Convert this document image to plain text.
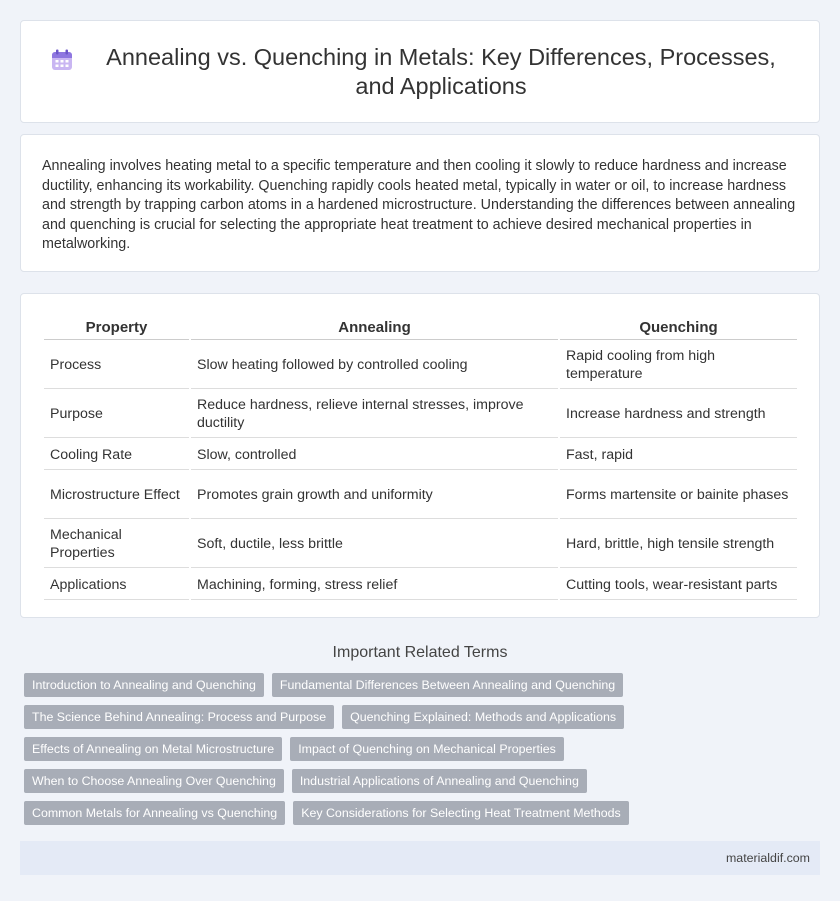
Annealing vs. Quenching in Metals: Key Differences, Processes, and Applications

Annealing involves heating metal to a specific temperature and then cooling it slowly to reduce hardness and increase ductility, enhancing its workability. Quenching rapidly cools heated metal, typically in water or oil, to increase hardness and strength by trapping carbon atoms in a hardened microstructure. Understanding the differences between annealing and quenching is crucial for selecting the appropriate heat treatment to achieve desired mechanical properties in metalworking.

Property	Annealing	Quenching
Process	Slow heating followed by controlled cooling	Rapid cooling from high temperature
Purpose	Reduce hardness, relieve internal stresses, improve ductility	Increase hardness and strength
Cooling Rate	Slow, controlled	Fast, rapid
Microstructure Effect	Promotes grain growth and uniformity	Forms martensite or bainite phases
Mechanical Properties	Soft, ductile, less brittle	Hard, brittle, high tensile strength
Applications	Machining, forming, stress relief	Cutting tools, wear-resistant parts
Important Related Terms
Introduction to Annealing and Quenching	Fundamental Differences Between Annealing and Quenching
The Science Behind Annealing: Process and Purpose	Quenching Explained: Methods and Applications
Effects of Annealing on Metal Microstructure	Impact of Quenching on Mechanical Properties
When to Choose Annealing Over Quenching	Industrial Applications of Annealing and Quenching
Common Metals for Annealing vs Quenching	Key Considerations for Selecting Heat Treatment Methods
materialdif.com
